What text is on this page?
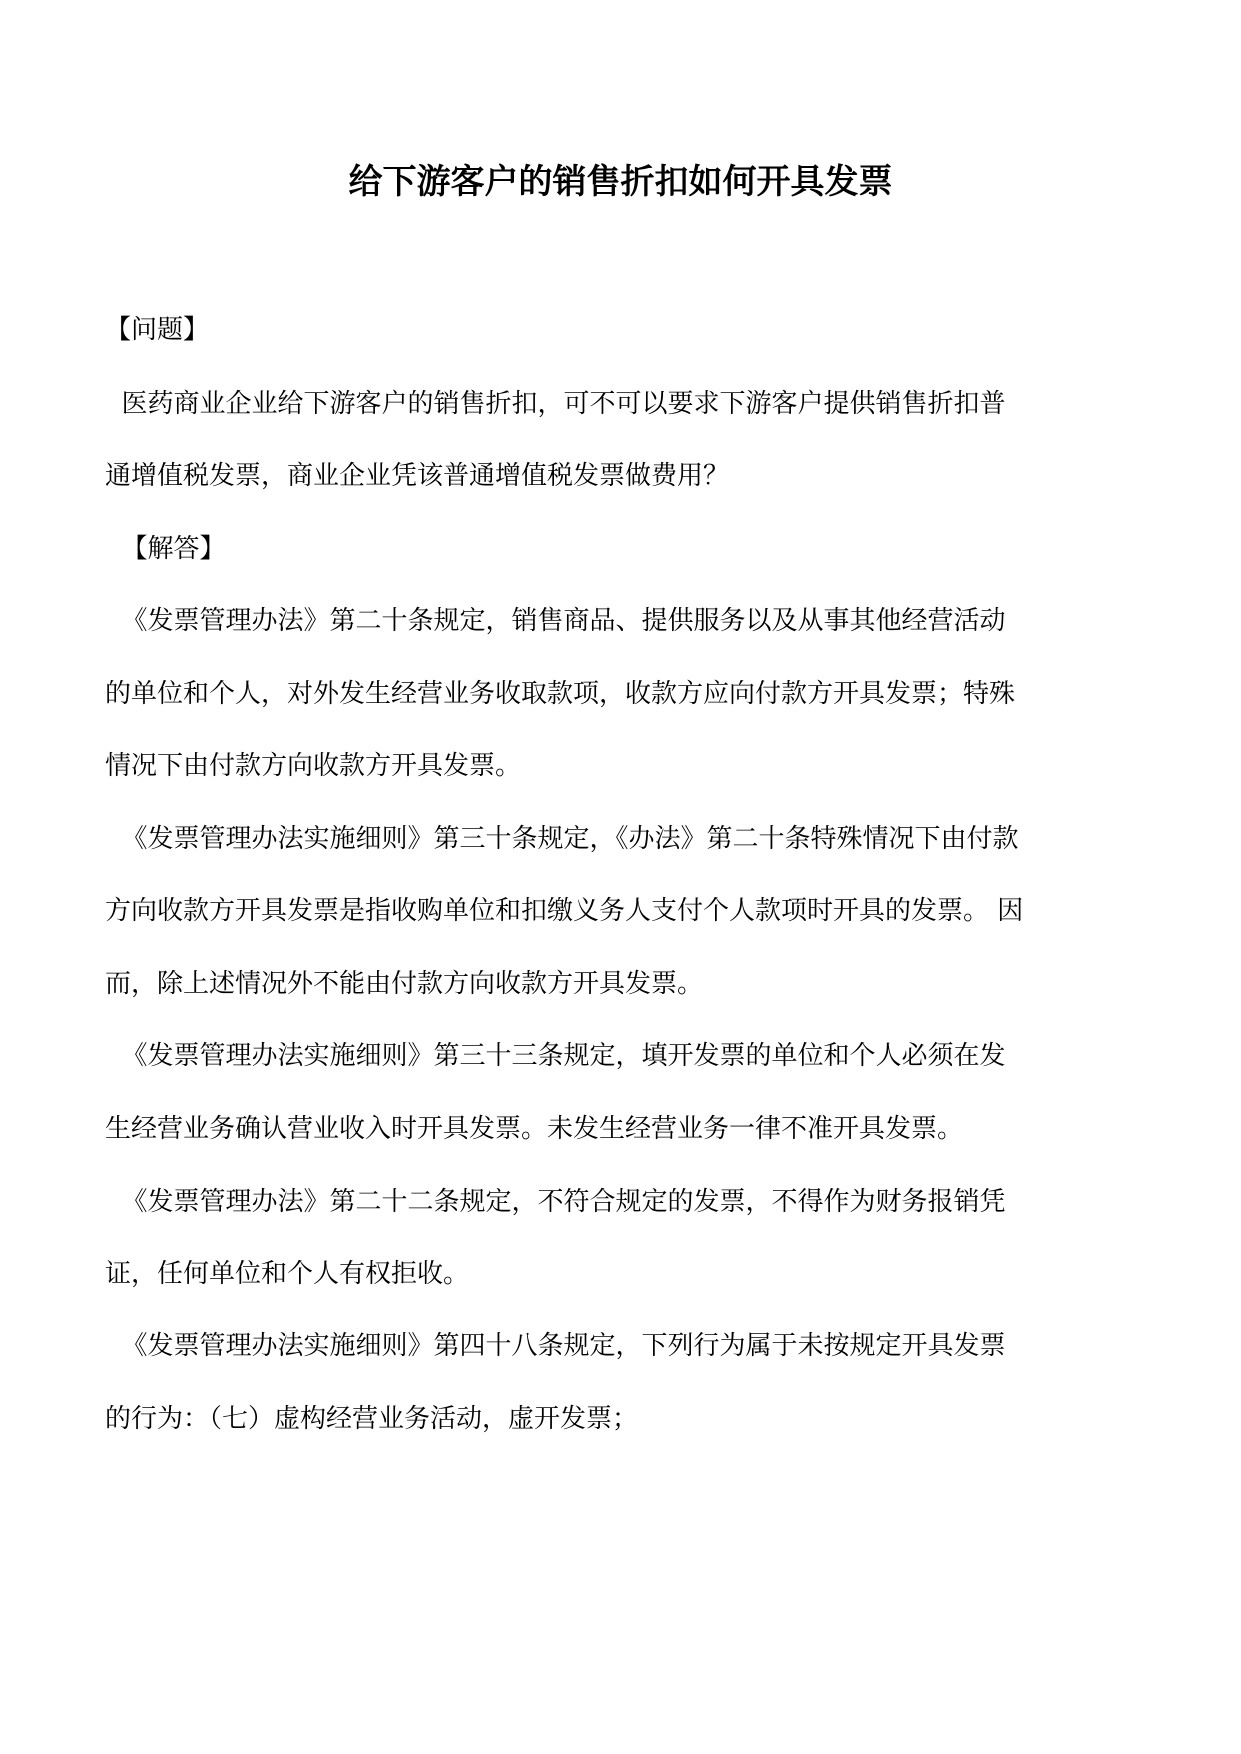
给下游客户的销售折扣如何开具发票
【问题】
医药商业企业给下游客户的销售折扣，可不可以要求下游客户提供销售折扣普
通增值税发票，商业企业凭该普通增值税发票做费用？
【解答】
《发票管理办法》第二十条规定，销售商品、提供服务以及从事其他经营活动
的单位和个人，对外发生经营业务收取款项，收款方应向付款方开具发票；特殊
情况下由付款方向收款方开具发票。
《发票管理办法实施细则》第三十条规定，《办法》第二十条特殊情况下由付款
方向收款方开具发票是指收购单位和扣缴义务人支付个人款项时开具的发票。 因
而，除上述情况外不能由付款方向收款方开具发票。
《发票管理办法实施细则》第三十三条规定，填开发票的单位和个人必须在发
生经营业务确认营业收入时开具发票。未发生经营业务一律不准开具发票。
《发票管理办法》第二十二条规定，不符合规定的发票，不得作为财务报销凭
证，任何单位和个人有权拒收。
《发票管理办法实施细则》第四十八条规定，下列行为属于未按规定开具发票
的行为：（七）虚构经营业务活动，虚开发票；
